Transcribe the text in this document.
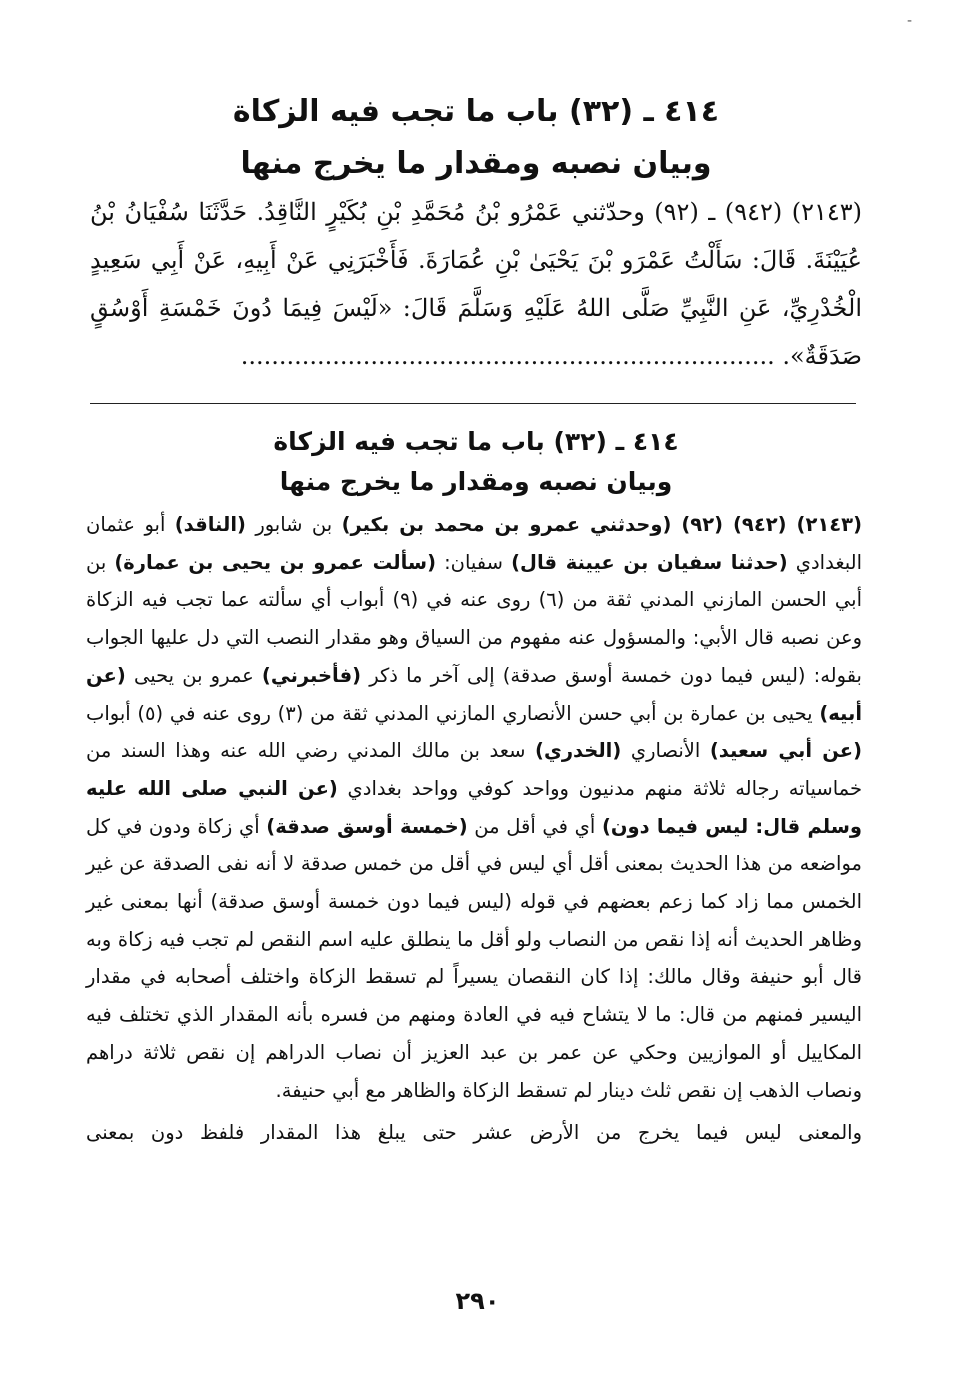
-
٤١٤ ـ (٣٢) باب ما تجب فيه الزكاة
وبيان نصبه ومقدار ما يخرج منها

(٢١٤٣) (٩٤٢) ـ (٩٢) وحدّثني عَمْرُو بْنُ مُحَمَّدِ بْنِ بُكَيْرٍ النَّاقِدُ. حَدَّثَنَا سُفْيَانُ بْنُ عُيَيْنَةَ. قَالَ: سَأَلْتُ عَمْرَو بْنَ يَحْيَىٰ بْنِ عُمَارَةَ. فَأَخْبَرَنِي عَنْ أَبِيهِ، عَنْ أَبِي سَعِيدٍ الْخُدْرِيِّ، عَنِ النَّبِيِّ صَلَّى اللهُ عَلَيْهِ وَسَلَّمَ قَالَ: «لَيْسَ فِيمَا دُونَ خَمْسَةِ أَوْسُقٍ صَدَقَةٌ». ......................................................................

٤١٤ ـ (٣٢) باب ما تجب فيه الزكاة
وبيان نصبه ومقدار ما يخرج منها

(٢١٤٣) (٩٤٢) (٩٢) (وحدثني عمرو بن محمد بن بكير) بن شابور (الناقد) أبو عثمان البغدادي (حدثنا سفيان بن عيينة قال) سفيان: (سألت عمرو بن يحيى بن عمارة) بن أبي الحسن المازني المدني ثقة من (٦) روى عنه في (٩) أبواب أي سألته عما تجب فيه الزكاة وعن نصبه قال الأبي: والمسؤول عنه مفهوم من السياق وهو مقدار النصب التي دل عليها الجواب بقوله: (ليس فيما دون خمسة أوسق صدقة) إلى آخر ما ذكر (فأخبرني) عمرو بن يحيى (عن أبيه) يحيى بن عمارة بن أبي حسن الأنصاري المازني المدني ثقة من (٣) روى عنه في (٥) أبواب (عن أبي سعيد) الأنصاري (الخدري) سعد بن مالك المدني رضي الله عنه وهذا السند من خماسياته رجاله ثلاثة منهم مدنيون وواحد كوفي وواحد بغدادي (عن النبي صلى الله عليه وسلم قال: ليس فيما دون) أي في أقل من (خمسة أوسق صدقة) أي زكاة ودون في كل مواضعه من هذا الحديث بمعنى أقل أي ليس في أقل من خمس صدقة لا أنه نفى الصدقة عن غير الخمس مما زاد كما زعم بعضهم في قوله (ليس فيما دون خمسة أوسق صدقة) أنها بمعنى غير وظاهر الحديث أنه إذا نقص من النصاب ولو أقل ما ينطلق عليه اسم النقص لم تجب فيه زكاة وبه قال أبو حنيفة وقال مالك: إذا كان النقصان يسيراً لم تسقط الزكاة واختلف أصحابه في مقدار اليسير فمنهم من قال: ما لا يتشاح فيه في العادة ومنهم من فسره بأنه المقدار الذي تختلف فيه المكاييل أو الموازيين وحكي عن عمر بن عبد العزيز أن نصاب الدراهم إن نقص ثلاثة دراهم ونصاب الذهب إن نقص ثلث دينار لم تسقط الزكاة والظاهر مع أبي حنيفة.

والمعنى ليس فيما يخرج من الأرض عشر حتى يبلغ هذا المقدار فلفظ دون بمعنى

٢٩٠
